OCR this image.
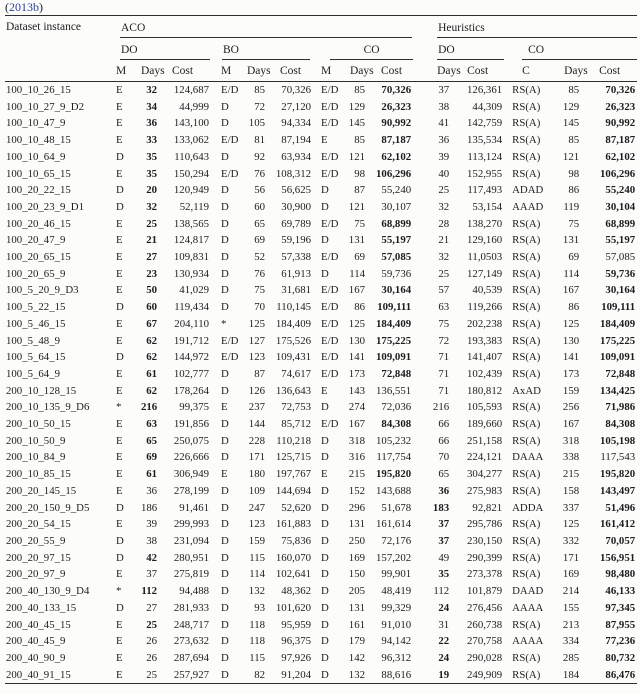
(2013b)
Dataset instance	ACO									Heuristics				

	DO			BO			CO			DO		CO		

	M	Days	Cost	M	Days	Cost	M	Days	Cost	Days	Cost	C	Days	Cost
100_10_26_15	E	32	124,687	E/D	85	70,326	E/D	85	70,326	37	126,361	RS(A)	85	70,326
100_10_27_9_D2	E	34	44,999	D	72	27,120	E/D	129	26,323	38	44,309	RS(A)	129	26,323
100_10_47_9	E	36	143,100	D	105	94,334	E/D	145	90,992	41	142,759	RS(A)	145	90,992
100_10_48_15	E	33	133,062	E/D	81	87,194	E	85	87,187	36	135,534	RS(A)	85	87,187
100_10_64_9	D	35	110,643	D	92	63,934	E/D	121	62,102	39	113,124	RS(A)	121	62,102
100_10_65_15	E	35	150,294	E/D	76	108,312	E/D	98	106,296	40	152,955	RS(A)	98	106,296
100_20_22_15	D	20	120,949	D	56	56,625	D	87	55,240	25	117,493	ADAD	86	55,240
100_20_23_9_D1	D	32	52,119	D	60	30,900	D	121	30,107	32	53,154	AAAD	119	30,104
100_20_46_15	E	25	138,565	D	65	69,789	E/D	75	68,899	28	138,270	RS(A)	75	68,899
100_20_47_9	E	21	124,817	D	69	59,196	D	131	55,197	21	129,160	RS(A)	131	55,197
100_20_65_15	E	27	109,831	D	52	57,338	E/D	69	57,085	32	11,0503	RS(A)	69	57,085
100_20_65_9	E	23	130,934	D	76	61,913	D	114	59,736	25	127,149	RS(A)	114	59,736
100_5_20_9_D3	E	50	41,029	D	75	31,681	E/D	167	30,164	57	40,539	RS(A)	167	30,164
100_5_22_15	D	60	119,434	D	70	110,145	E/D	86	109,111	63	119,266	RS(A)	86	109,111
100_5_46_15	E	67	204,110	*	125	184,409	E/D	125	184,409	75	202,238	RS(A)	125	184,409
100_5_48_9	E	62	191,712	E/D	127	175,526	E/D	130	175,225	72	193,383	RS(A)	130	175,225
100_5_64_15	D	62	144,972	E/D	123	109,431	E/D	141	109,091	71	141,407	RS(A)	141	109,091
100_5_64_9	E	61	102,777	D	87	74,617	E/D	173	72,848	71	102,439	RS(A)	173	72,848
200_10_128_15	E	62	178,264	D	126	136,643	E	143	136,551	71	180,812	AxAD	159	134,425
200_10_135_9_D6	*	216	99,375	E	237	72,753	D	274	72,036	216	105,593	RS(A)	256	71,986
200_10_50_15	E	63	191,856	D	144	85,712	E/D	167	84,308	66	189,660	RS(A)	167	84,308
200_10_50_9	E	65	250,075	D	228	110,218	D	318	105,232	66	251,158	RS(A)	318	105,198
200_10_84_9	E	69	226,666	D	171	125,715	D	316	117,754	70	224,121	DAAA	338	117,543
200_10_85_15	E	61	306,949	E	180	197,767	E	215	195,820	65	304,277	RS(A)	215	195,820
200_20_145_15	E	36	278,199	D	109	144,694	D	152	143,688	36	275,983	RS(A)	158	143,497
200_20_150_9_D5	D	186	91,461	D	247	52,620	D	296	51,678	183	92,821	ADDA	337	51,496
200_20_54_15	E	39	299,993	D	123	161,883	D	131	161,614	37	295,786	RS(A)	125	161,412
200_20_55_9	D	38	231,094	D	159	75,836	D	250	72,176	37	230,150	RS(A)	332	70,057
200_20_97_15	D	42	280,951	D	115	160,070	D	169	157,202	49	290,399	RS(A)	171	156,951
200_20_97_9	E	37	275,819	D	114	102,641	D	150	99,901	35	273,378	RS(A)	169	98,480
200_40_130_9_D4	*	112	94,488	D	132	48,362	D	205	48,419	112	101,879	DAAD	214	46,133
200_40_133_15	D	27	281,933	D	93	101,620	D	131	99,329	24	276,456	AAAA	155	97,345
200_40_45_15	E	25	248,717	D	118	95,959	D	161	91,010	31	260,738	RS(A)	213	87,955
200_40_45_9	E	26	273,632	D	118	96,375	D	179	94,142	22	270,758	AAAA	334	77,236
200_40_90_9	E	26	287,694	D	115	97,926	D	142	96,312	24	290,028	RS(A)	285	80,732
200_40_91_15	E	25	257,927	D	82	91,204	D	132	88,616	19	249,909	RS(A)	184	86,476
